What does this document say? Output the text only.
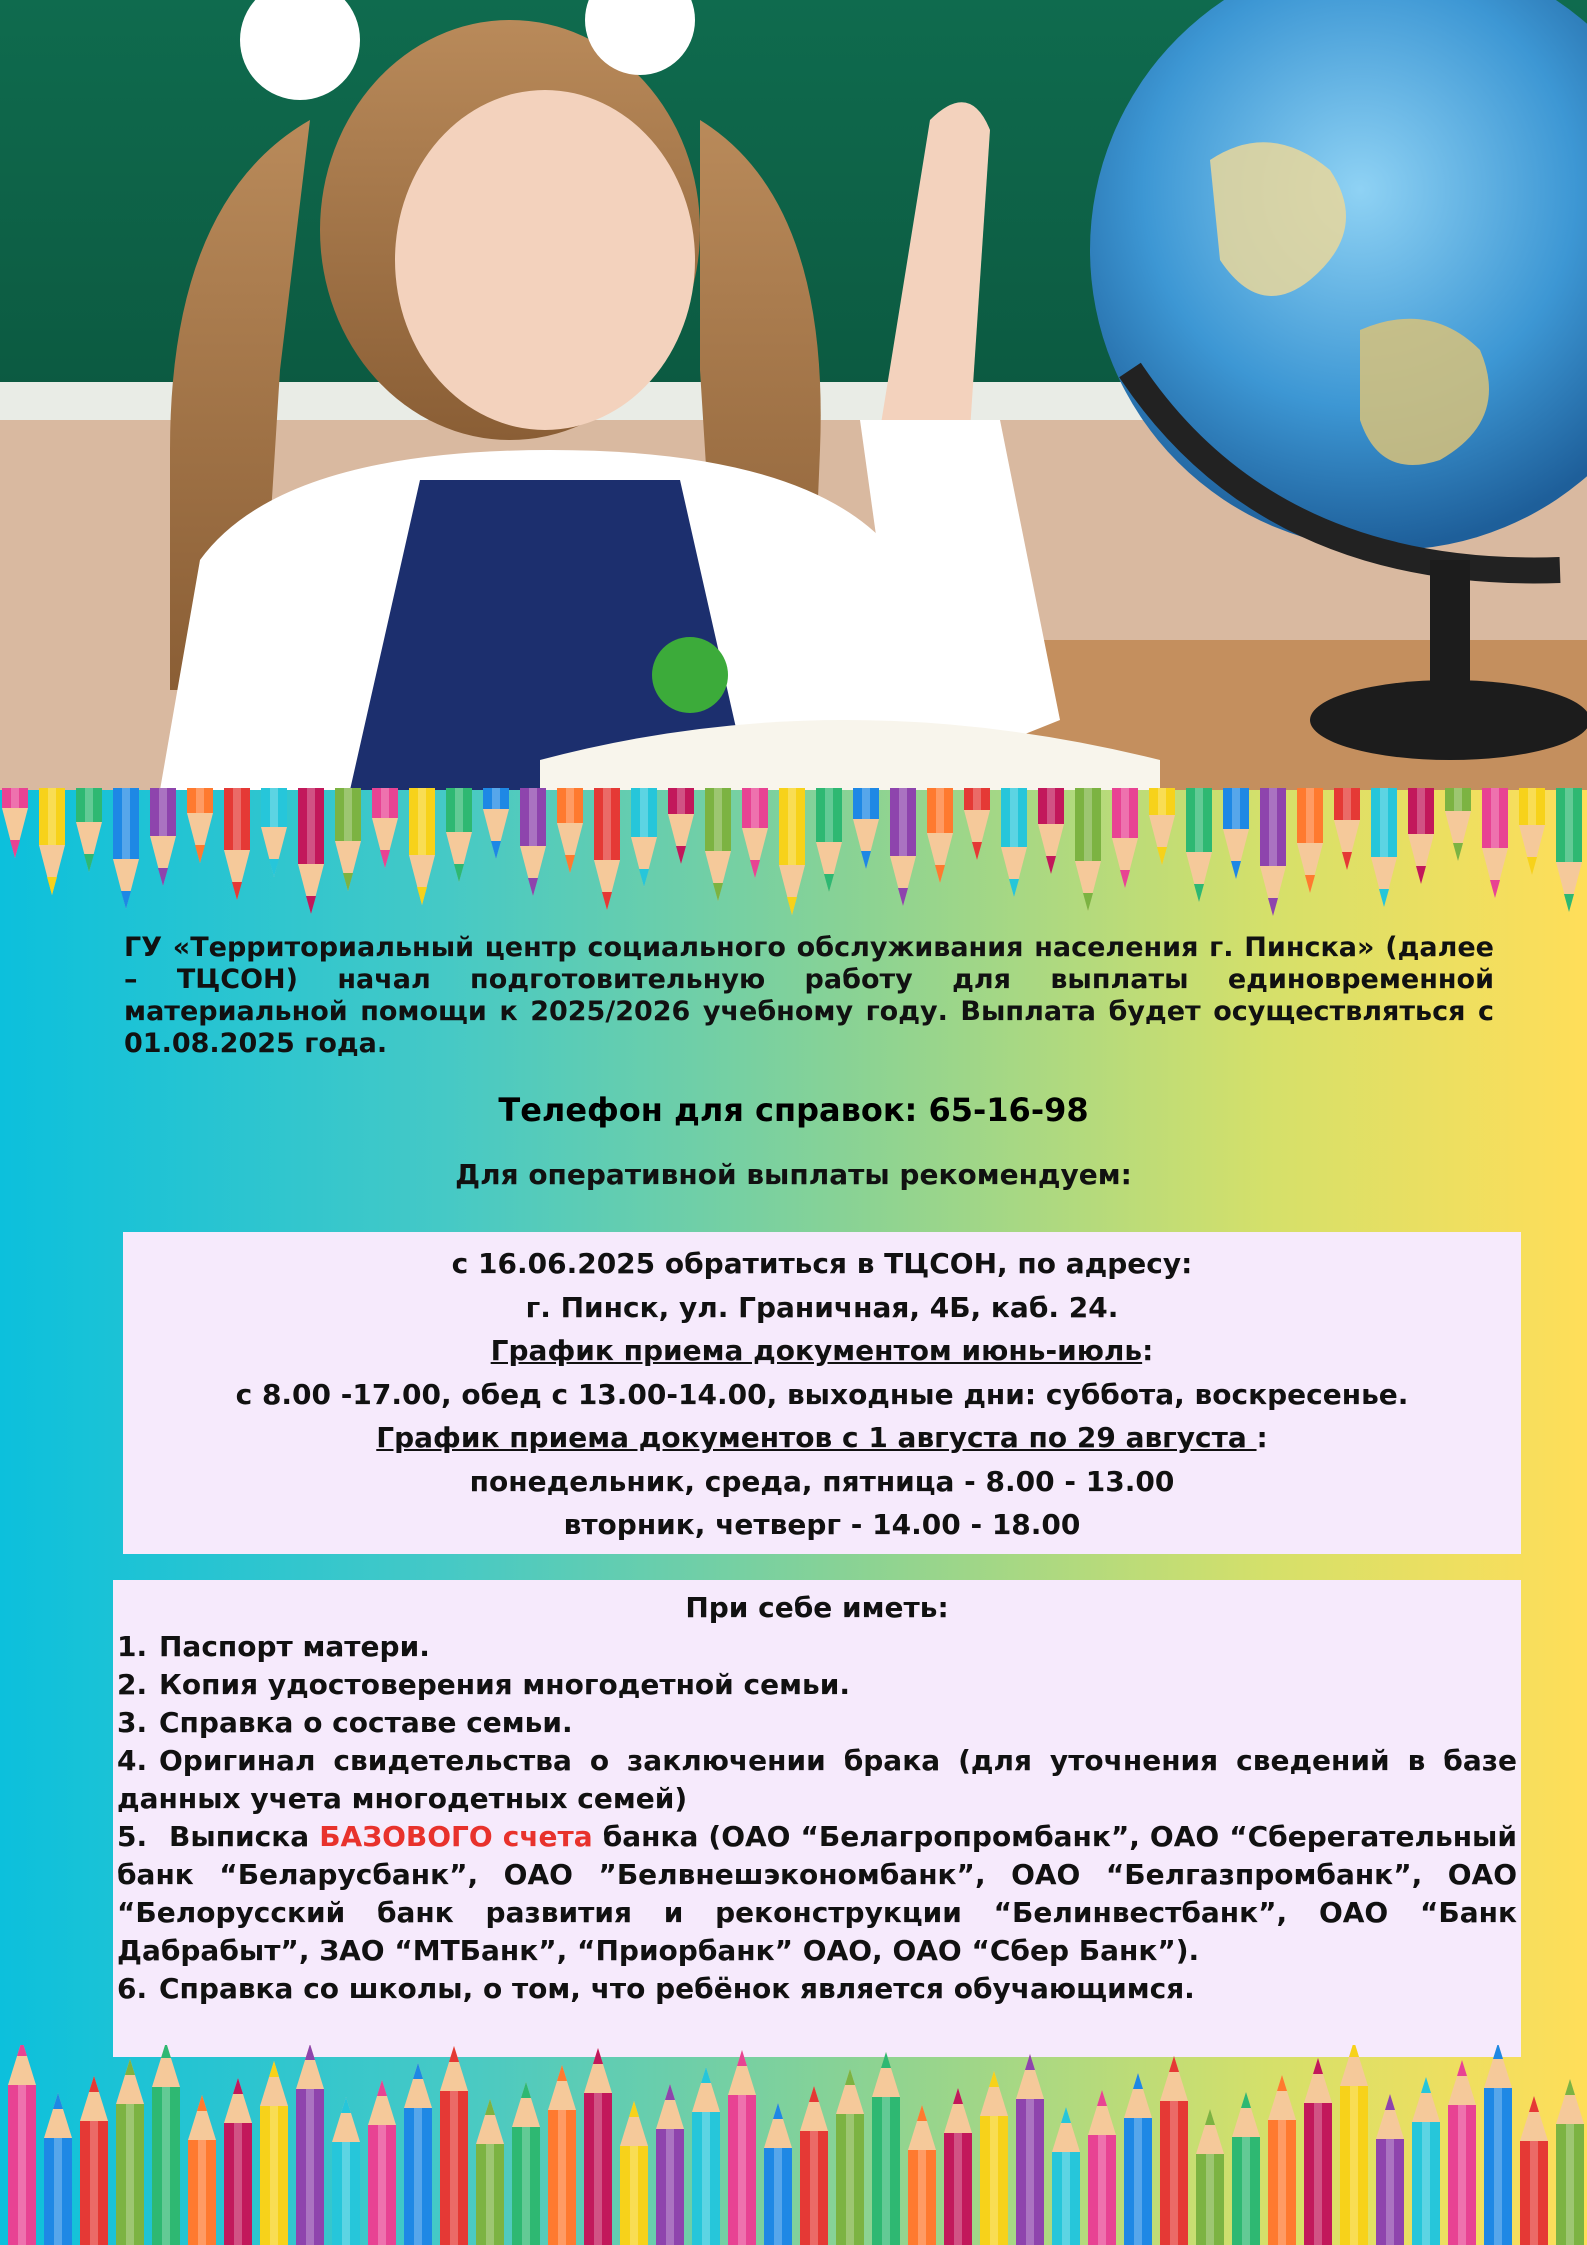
ГУ «Территориальный центр социального обслуживания населения г. Пинска» (далее – ТЦСОН) начал подготовительную работу для выплаты единовременной материальной помощи к 2025/2026 учебному году. Выплата будет осуществляться с 01.08.2025 года.

Телефон для справок: 65-16-98
Для оперативной выплаты рекомендуем:
с 16.06.2025 обратиться в ТЦСОН, по адресу:
г. Пинск, ул. Граничная, 4Б, каб. 24.
График приема документом июнь-июль:
с 8.00 -17.00, обед с 13.00-14.00, выходные дни: суббота, воскресенье.
График приема документов с 1 августа по 29 августа :
понедельник, среда, пятница - 8.00 - 13.00
вторник, четверг - 14.00 - 18.00
При себе иметь:
1. Паспорт матери.
2. Копия удостоверения многодетной семьи.
3. Справка о составе семьи.
4. Оригинал свидетельства о заключении брака (для уточнения сведений в базе данных учета многодетных семей)
5. Выписка БАЗОВОГО счета банка (ОАО “Белагропромбанк”, ОАО “Сберегательный банк “Беларусбанк”, ОАО ”Белвнешэкономбанк”, ОАО “Белгазпромбанк”, ОАО “Белорусский банк развития и реконструкции “Белинвестбанк”, ОАО “Банк Дабрабыт”, ЗАО “МТБанк”, “Приорбанк” ОАО, ОАО “Сбер Банк”).
6. Справка со школы, о том, что ребёнок является обучающимся.
